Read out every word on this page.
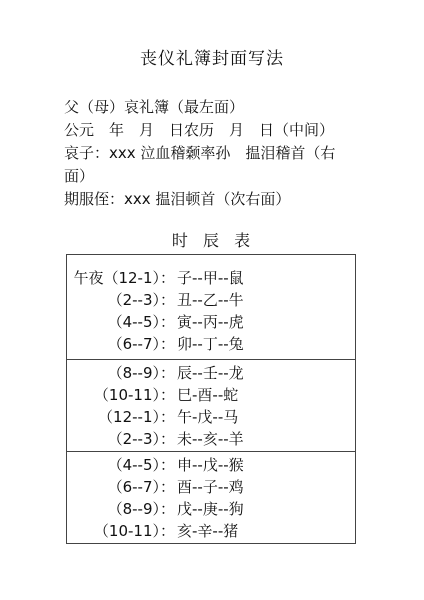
丧仪礼簿封面写法
父（母）哀礼簿（最左面）
公元　年　月　日农历　月　日（中间）
哀子：xxx 泣血稽颡率孙　揾泪稽首（右
面）
期服侄：xxx 揾泪顿首（次右面）
时 辰 表
午夜（12-1）： 子--甲--鼠
（2--3）： 丑--乙--牛
（4--5）： 寅--丙--虎
（6--7）： 卯--丁--兔
（8--9）： 辰--壬--龙
（10-11）： 巳-酉--蛇
（12--1）： 午-戊--马
（2--3）： 未--亥--羊
（4--5）： 申--戊--猴
（6--7）： 酉--子--鸡
（8--9）： 戊--庚--狗
（10-11）： 亥-辛--猪
